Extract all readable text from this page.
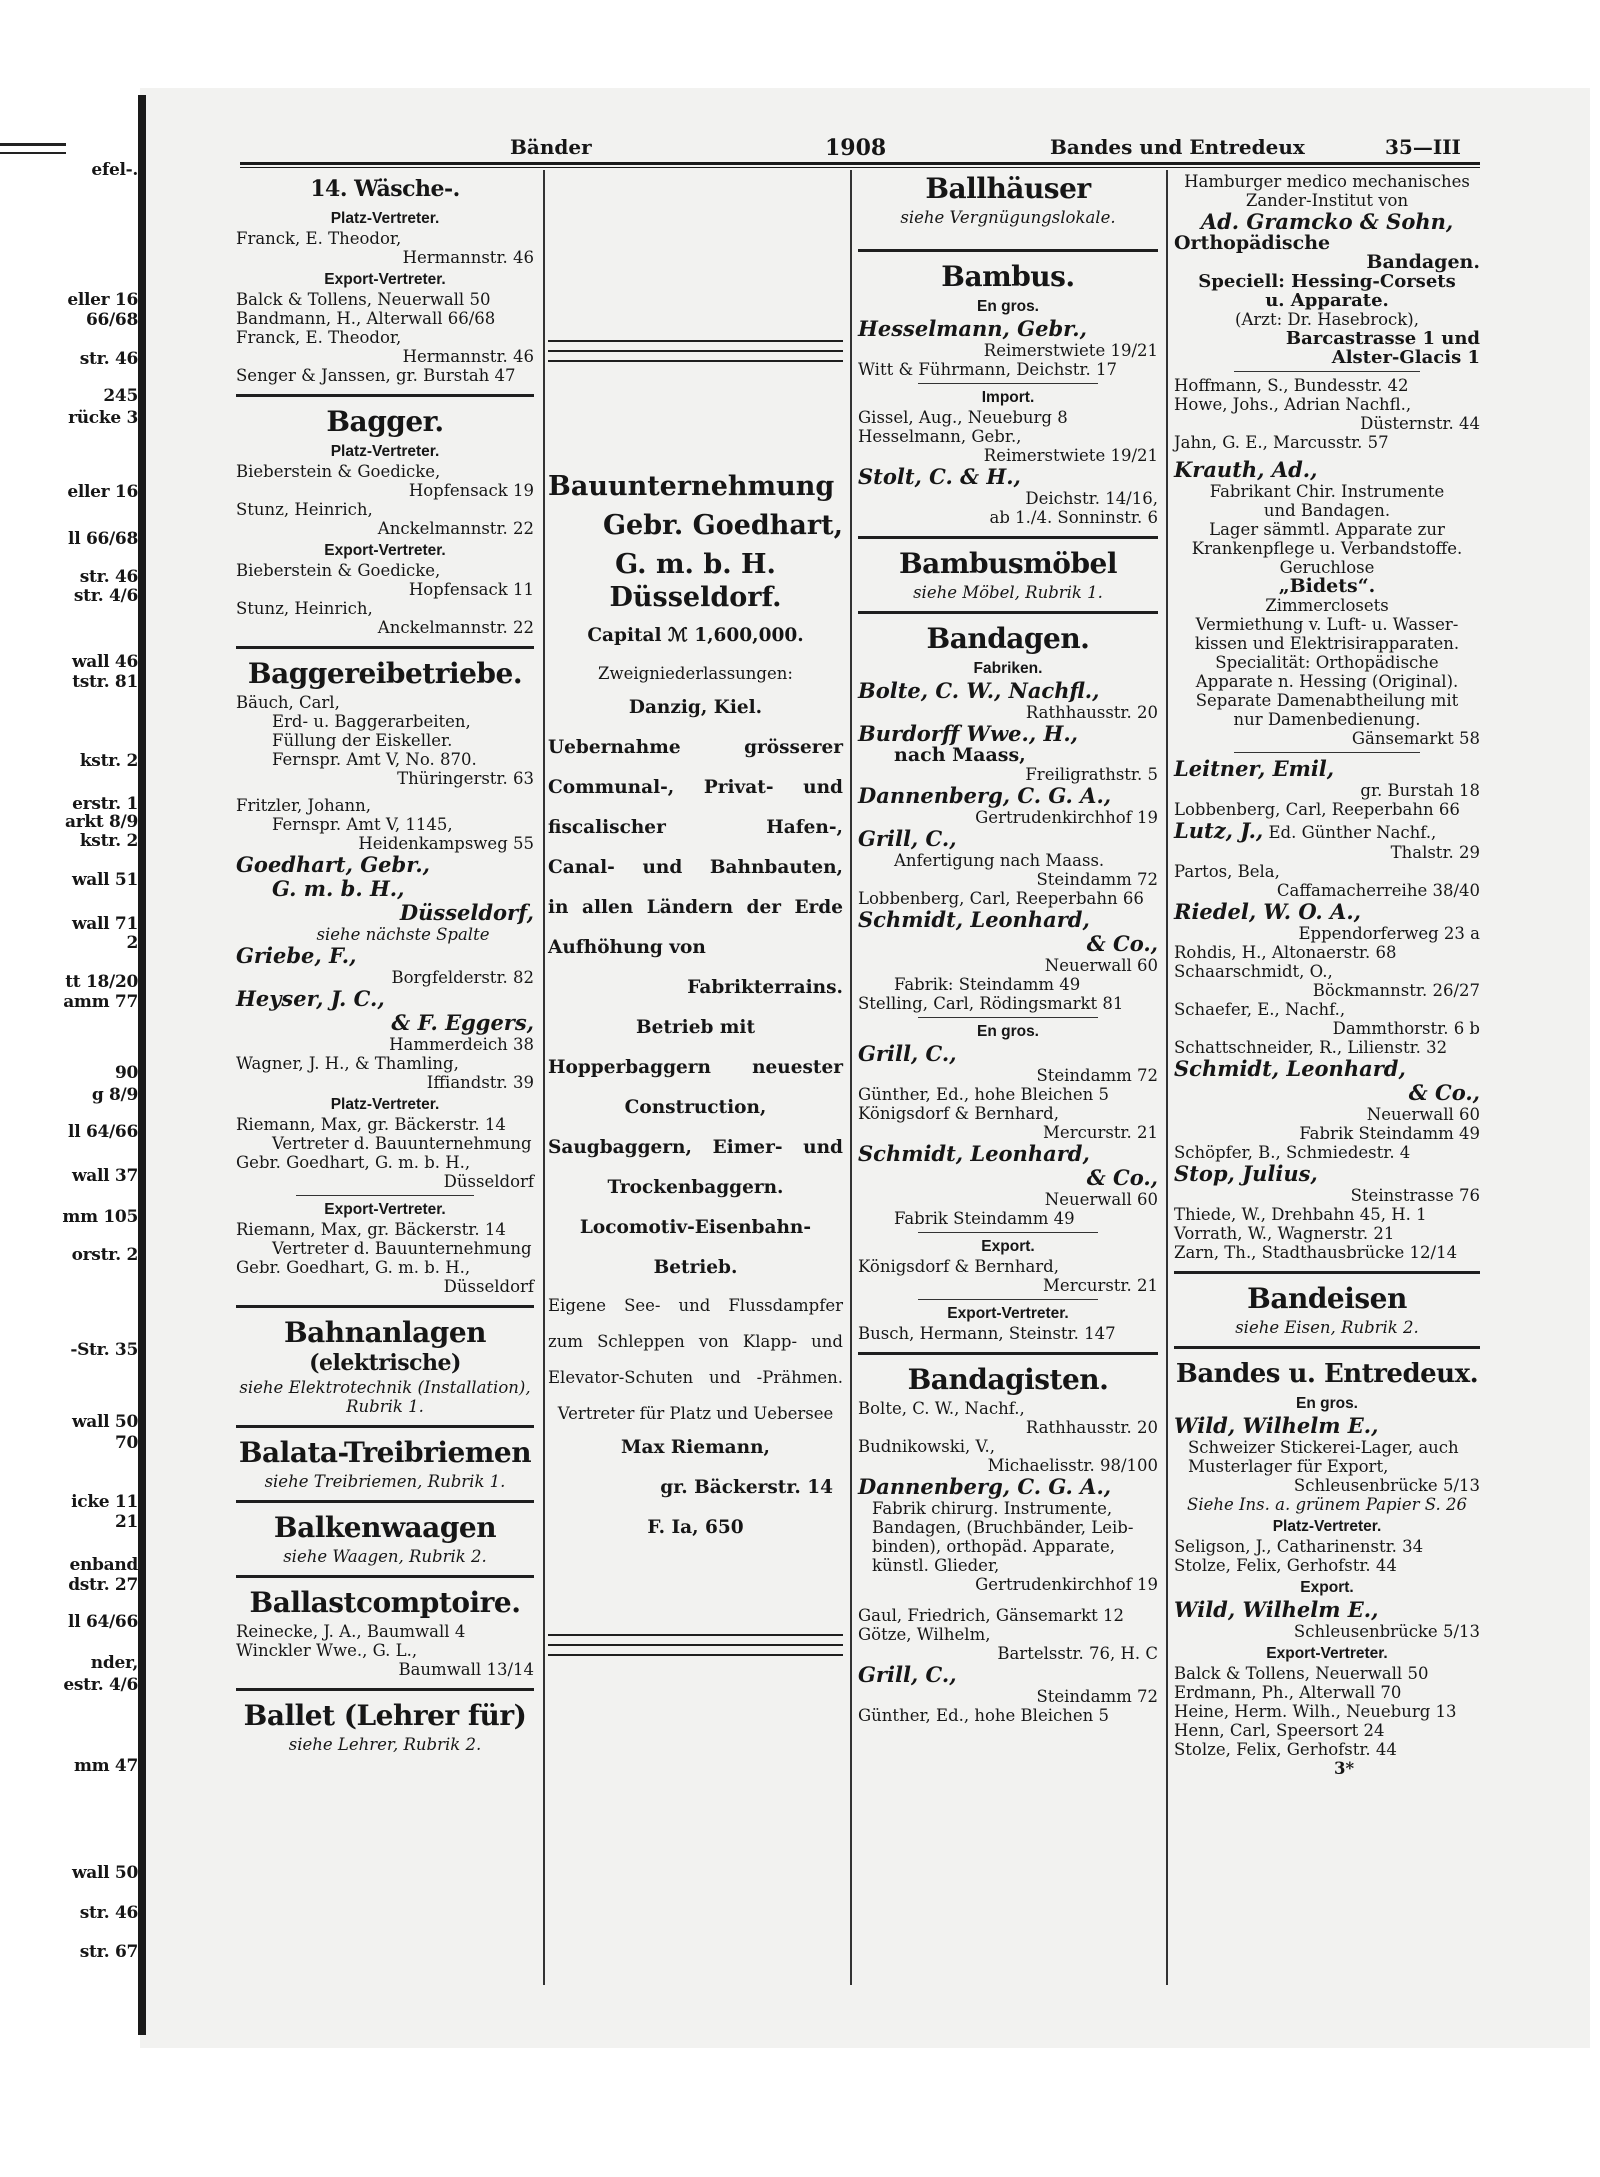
efel-.
eller 16
66/68
str. 46
245
rücke 3
eller 16
ll 66/68
str. 46
str. 4/6
wall 46
tstr. 81
kstr. 2
erstr. 1
arkt 8/9
kstr. 2
wall 51
wall 71
2
tt 18/20
amm 77
90
g 8/9
ll 64/66
wall 37
mm 105
orstr. 2
-Str. 35
wall 50
70
icke 11
21
enband
dstr. 27
ll 64/66
nder,
estr. 4/6
mm 47
wall 50
str. 46
str. 67
Bänder	1908	Bandes und Entredeux	35—III

14. Wäsche-.

Platz-Vertreter.

Franck, E. Theodor,

Hermannstr. 46

Export-Vertreter.

Balck & Tollens, Neuerwall 50

Bandmann, H., Alterwall 66/68

Franck, E. Theodor,

Hermannstr. 46

Senger & Janssen, gr. Burstah 47

Bagger.

Platz-Vertreter.

Bieberstein & Goedicke,

Hopfensack 19

Stunz, Heinrich,

Anckelmannstr. 22

Export-Vertreter.

Bieberstein & Goedicke,

Hopfensack 11

Stunz, Heinrich,

Anckelmannstr. 22

Baggereibetriebe.

Bäuch, Carl,

Erd- u. Baggerarbeiten,

Füllung der Eiskeller.

Fernspr. Amt V, No. 870.

Thüringerstr. 63

Fritzler, Johann,

Fernspr. Amt V, 1145,

Heidenkampsweg 55

Goedhart, Gebr.,

G. m. b. H.,

Düsseldorf,

siehe nächste Spalte

Griebe, F.,

Borgfelderstr. 82

Heyser, J. C.,

& F. Eggers,

Hammerdeich 38

Wagner, J. H., & Thamling,

Iffiandstr. 39

Platz-Vertreter.

Riemann, Max, gr. Bäckerstr. 14

Vertreter d. Bauunternehmung

Gebr. Goedhart, G. m. b. H.,

Düsseldorf

Export-Vertreter.

Riemann, Max, gr. Bäckerstr. 14

Vertreter d. Bauunternehmung

Gebr. Goedhart, G. m. b. H.,

Düsseldorf

Bahnanlagen

(elektrische)

siehe Elektrotechnik (Installation),

Rubrik 1.

Balata-Treibriemen

siehe Treibriemen, Rubrik 1.

Balkenwaagen

siehe Waagen, Rubrik 2.

Ballastcomptoire.

Reinecke, J. A., Baumwall 4

Winckler Wwe., G. L.,

Baumwall 13/14

Ballet (Lehrer für)

siehe Lehrer, Rubrik 2.

Bauunternehmung

Gebr. Goedhart,

G. m. b. H. Düsseldorf.

Capital ℳ 1,600,000.

Zweigniederlassungen:

Danzig, Kiel.

Uebernahme grösserer

Communal-, Privat- und

fiscalischer Hafen-,

Canal- und Bahnbauten,

in allen Ländern der Erde

Aufhöhung von

Fabrikterrains.

Betrieb mit

Hopperbaggern neuester

Construction,

Saugbaggern, Eimer- und

Trockenbaggern.

Locomotiv-Eisenbahn-

Betrieb.

Eigene See- und Flussdampfer

zum Schleppen von Klapp- und

Elevator-Schuten und -Prähmen.

Vertreter für Platz und Uebersee

Max Riemann,

gr. Bäckerstr. 14

F. Ia, 650

Ballhäuser

siehe Vergnügungslokale.

Bambus.

En gros.

Hesselmann, Gebr.,

Reimerstwiete 19/21

Witt & Führmann, Deichstr. 17

Import.

Gissel, Aug., Neueburg 8

Hesselmann, Gebr.,

Reimerstwiete 19/21

Stolt, C. & H.,

Deichstr. 14/16,

ab 1./4. Sonninstr. 6

Bambusmöbel

siehe Möbel, Rubrik 1.

Bandagen.

Fabriken.

Bolte, C. W., Nachfl.,

Rathhausstr. 20

Burdorff Wwe., H.,

nach Maass,

Freiligrathstr. 5

Dannenberg, C. G. A.,

Gertrudenkirchhof 19

Grill, C.,

Anfertigung nach Maass.

Steindamm 72

Lobbenberg, Carl, Reeperbahn 66

Schmidt, Leonhard,

& Co.,

Neuerwall 60

Fabrik: Steindamm 49

Stelling, Carl, Rödingsmarkt 81

En gros.

Grill, C.,

Steindamm 72

Günther, Ed., hohe Bleichen 5

Königsdorf & Bernhard,

Mercurstr. 21

Schmidt, Leonhard,

& Co.,

Neuerwall 60

Fabrik Steindamm 49

Export.

Königsdorf & Bernhard,

Mercurstr. 21

Export-Vertreter.

Busch, Hermann, Steinstr. 147

Bandagisten.

Bolte, C. W., Nachf.,

Rathhausstr. 20

Budnikowski, V.,

Michaelisstr. 98/100

Dannenberg, C. G. A.,

Fabrik chirurg. Instrumente,

Bandagen, (Bruchbänder, Leib-

binden), orthopäd. Apparate,

künstl. Glieder,

Gertrudenkirchhof 19

Gaul, Friedrich, Gänsemarkt 12

Götze, Wilhelm,

Bartelsstr. 76, H. C

Grill, C.,

Steindamm 72

Günther, Ed., hohe Bleichen 5

Hamburger medico mechanisches

Zander-Institut von

Ad. Gramcko & Sohn,

Orthopädische

Bandagen.

Speciell: Hessing-Corsets

u. Apparate.

(Arzt: Dr. Hasebrock),

Barcastrasse 1 und

Alster-Glacis 1

Hoffmann, S., Bundesstr. 42

Howe, Johs., Adrian Nachfl.,

Düsternstr. 44

Jahn, G. E., Marcusstr. 57

Krauth, Ad.,

Fabrikant Chir. Instrumente

und Bandagen.

Lager sämmtl. Apparate zur

Krankenpflege u. Verbandstoffe.

Geruchlose

„Bidets“.

Zimmerclosets

Vermiethung v. Luft- u. Wasser-

kissen und Elektrisirapparaten.

Specialität: Orthopädische

Apparate n. Hessing (Original).

Separate Damenabtheilung mit

nur Damenbedienung.

Gänsemarkt 58

Leitner, Emil,

gr. Burstah 18

Lobbenberg, Carl, Reeperbahn 66

Lutz, J., Ed. Günther Nachf.,

Thalstr. 29

Partos, Bela,

Caffamacherreihe 38/40

Riedel, W. O. A.,

Eppendorferweg 23 a

Rohdis, H., Altonaerstr. 68

Schaarschmidt, O.,

Böckmannstr. 26/27

Schaefer, E., Nachf.,

Dammthorstr. 6 b

Schattschneider, R., Lilienstr. 32

Schmidt, Leonhard,

& Co.,

Neuerwall 60

Fabrik Steindamm 49

Schöpfer, B., Schmiedestr. 4

Stop, Julius,

Steinstrasse 76

Thiede, W., Drehbahn 45, H. 1

Vorrath, W., Wagnerstr. 21

Zarn, Th., Stadthausbrücke 12/14

Bandeisen

siehe Eisen, Rubrik 2.

Bandes u. Entredeux.

En gros.

Wild, Wilhelm E.,

Schweizer Stickerei-Lager, auch

Musterlager für Export,

Schleusenbrücke 5/13

Siehe Ins. a. grünem Papier S. 26

Platz-Vertreter.

Seligson, J., Catharinenstr. 34

Stolze, Felix, Gerhofstr. 44

Export.

Wild, Wilhelm E.,

Schleusenbrücke 5/13

Export-Vertreter.

Balck & Tollens, Neuerwall 50

Erdmann, Ph., Alterwall 70

Heine, Herm. Wilh., Neueburg 13

Henn, Carl, Speersort 24

Stolze, Felix, Gerhofstr. 44

3*
